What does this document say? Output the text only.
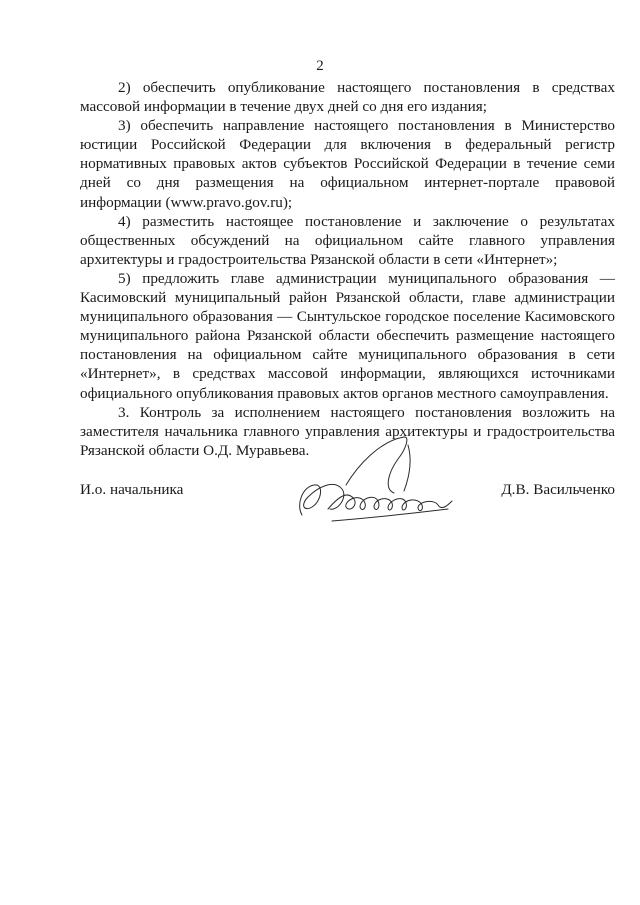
2

2) обеспечить опубликование настоящего постановления в средствах массовой информации в течение двух дней со дня его издания;

3) обеспечить направление настоящего постановления в Министерство юстиции Российской Федерации для включения в федеральный регистр нормативных правовых актов субъектов Российской Федерации в течение семи дней со дня размещения на официальном интернет-портале правовой информации (www.pravo.gov.ru);

4) разместить настоящее постановление и заключение о результатах общественных обсуждений на официальном сайте главного управления архитектуры и градостроительства Рязанской области в сети «Интернет»;

5) предложить главе администрации муниципального образования — Касимовский муниципальный район Рязанской области, главе администрации муниципального образования — Сынтульское городское поселение Касимовского муниципального района Рязанской области обеспечить размещение настоящего постановления на официальном сайте муниципального образования в сети «Интернет», в средствах массовой информации, являющихся источниками официального опубликования правовых актов органов местного самоуправления.

3. Контроль за исполнением настоящего постановления возложить на заместителя начальника главного управления архитектуры и градостроительства Рязанской области О.Д. Муравьева.

И.о. начальника	Д.В. Васильченко
